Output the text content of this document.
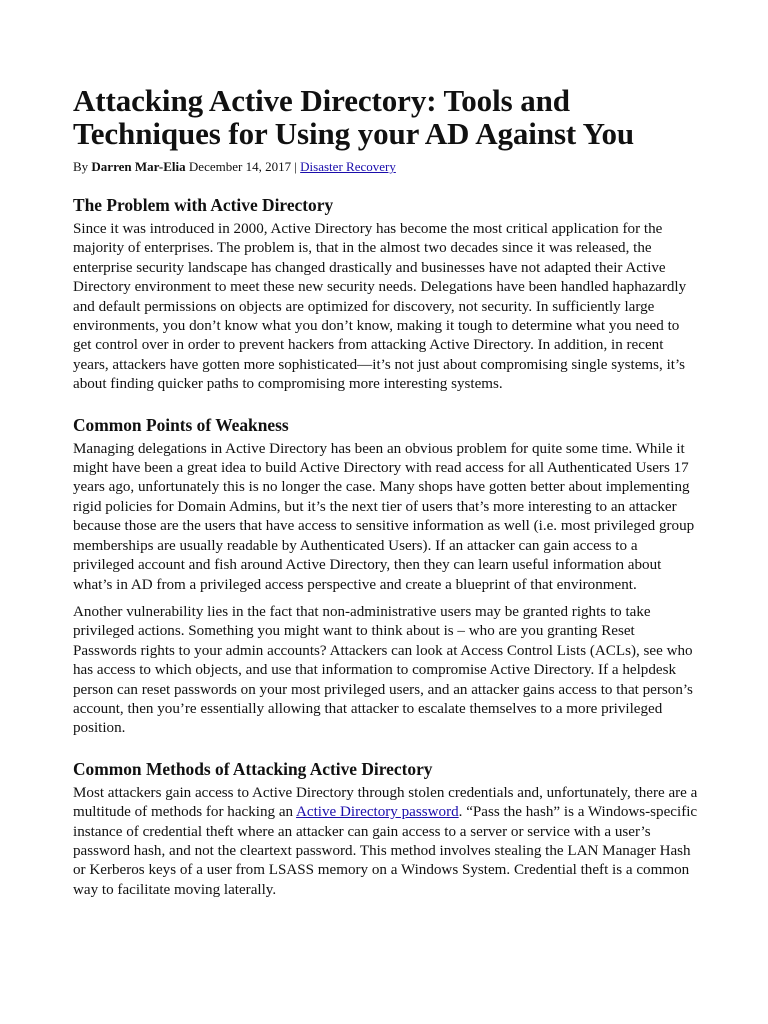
Attacking Active Directory: Tools and Techniques for Using your AD Against You
By Darren Mar-Elia December 14, 2017 | Disaster Recovery
The Problem with Active Directory

Since it was introduced in 2000, Active Directory has become the most critical application for the majority of enterprises. The problem is, that in the almost two decades since it was released, the enterprise security landscape has changed drastically and businesses have not adapted their Active Directory environment to meet these new security needs. Delegations have been handled haphazardly and default permissions on objects are optimized for discovery, not security. In sufficiently large environments, you don’t know what you don’t know, making it tough to determine what you need to get control over in order to prevent hackers from attacking Active Directory. In addition, in recent years, attackers have gotten more sophisticated—it’s not just about compromising single systems, it’s about finding quicker paths to compromising more interesting systems.

Common Points of Weakness

Managing delegations in Active Directory has been an obvious problem for quite some time. While it might have been a great idea to build Active Directory with read access for all Authenticated Users 17 years ago, unfortunately this is no longer the case. Many shops have gotten better about implementing rigid policies for Domain Admins, but it’s the next tier of users that’s more interesting to an attacker because those are the users that have access to sensitive information as well (i.e. most privileged group memberships are usually readable by Authenticated Users). If an attacker can gain access to a privileged account and fish around Active Directory, then they can learn useful information about what’s in AD from a privileged access perspective and create a blueprint of that environment.

Another vulnerability lies in the fact that non-administrative users may be granted rights to take privileged actions. Something you might want to think about is – who are you granting Reset Passwords rights to your admin accounts? Attackers can look at Access Control Lists (ACLs), see who has access to which objects, and use that information to compromise Active Directory. If a helpdesk person can reset passwords on your most privileged users, and an attacker gains access to that person’s account, then you’re essentially allowing that attacker to escalate themselves to a more privileged position.

Common Methods of Attacking Active Directory

Most attackers gain access to Active Directory through stolen credentials and, unfortunately, there are a multitude of methods for hacking an Active Directory password. “Pass the hash” is a Windows-specific instance of credential theft where an attacker can gain access to a server or service with a user’s password hash, and not the cleartext password. This method involves stealing the LAN Manager Hash or Kerberos keys of a user from LSASS memory on a Windows System. Credential theft is a common way to facilitate moving laterally.
